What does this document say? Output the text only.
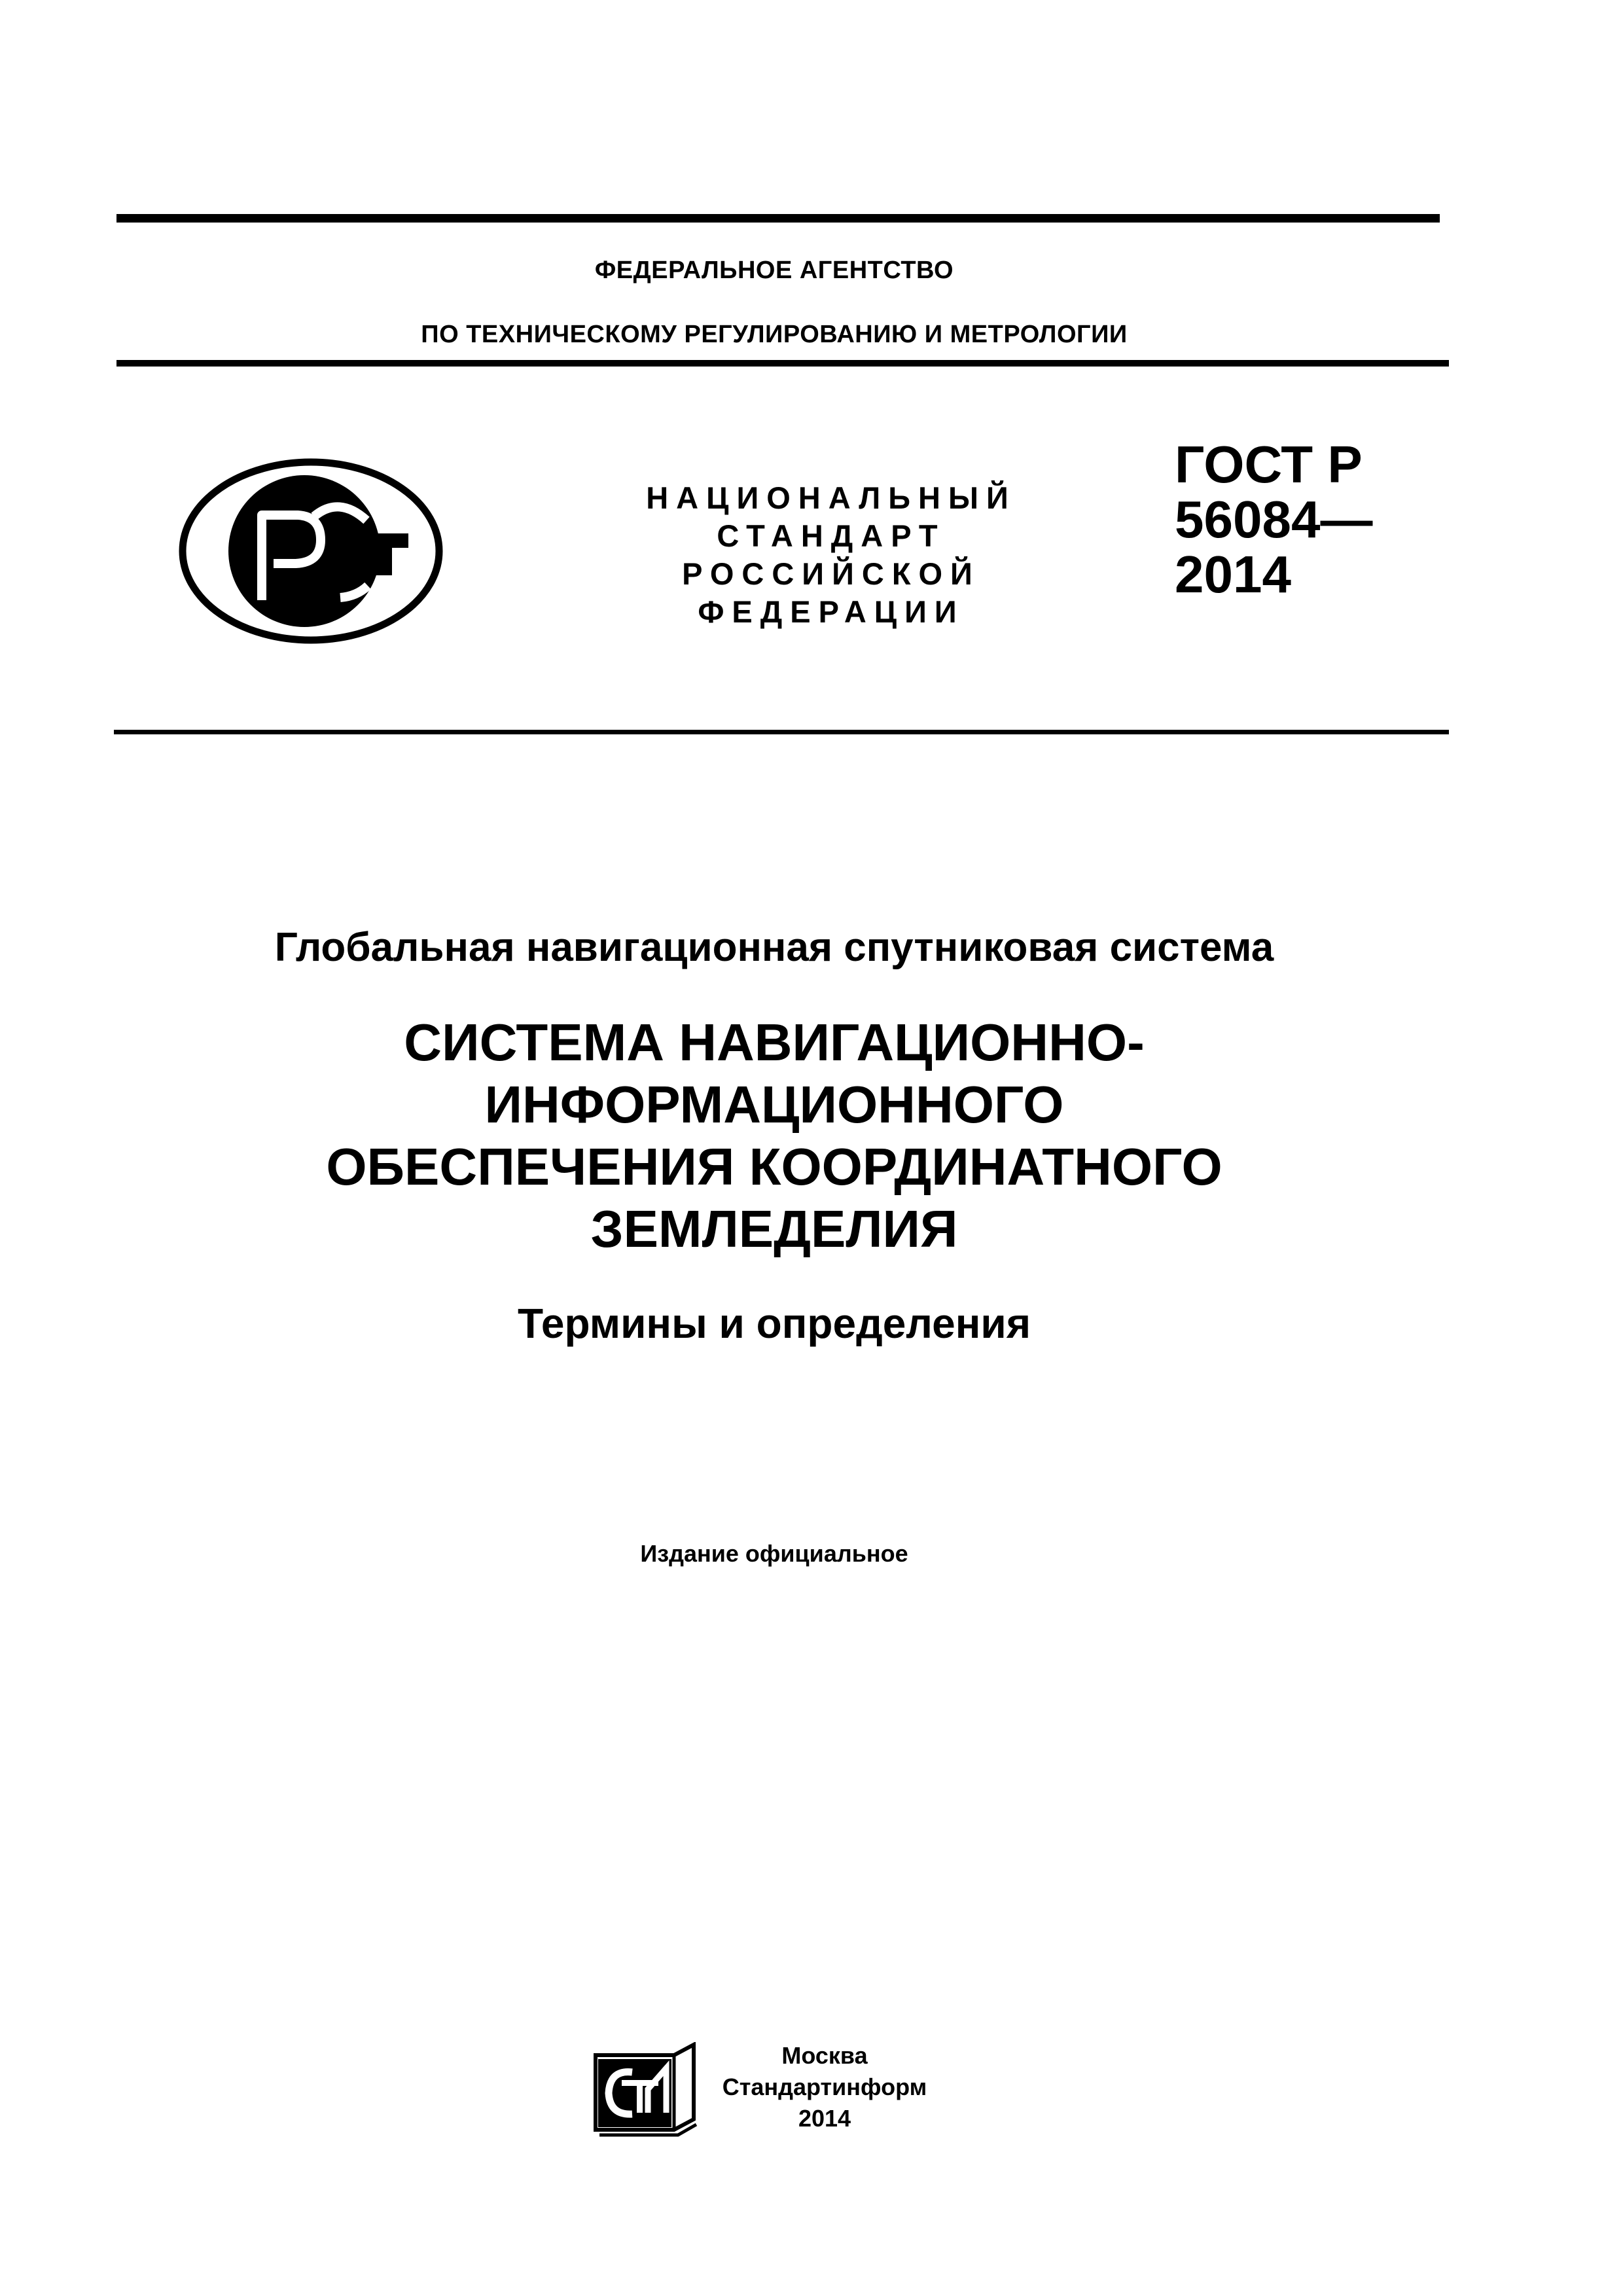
ФЕДЕРАЛЬНОЕ АГЕНТСТВО
ПО ТЕХНИЧЕСКОМУ РЕГУЛИРОВАНИЮ И МЕТРОЛОГИИ
НАЦИОНАЛЬНЫЙ
СТАНДАРТ
РОССИЙСКОЙ
ФЕДЕРАЦИИ
ГОСТ Р
56084—
2014
Глобальная навигационная спутниковая система
СИСТЕМА НАВИГАЦИОННО-
ИНФОРМАЦИОННОГО
ОБЕСПЕЧЕНИЯ КООРДИНАТНОГО
ЗЕМЛЕДЕЛИЯ
Термины и определения
Издание официальное
Москва
Стандартинформ
2014
